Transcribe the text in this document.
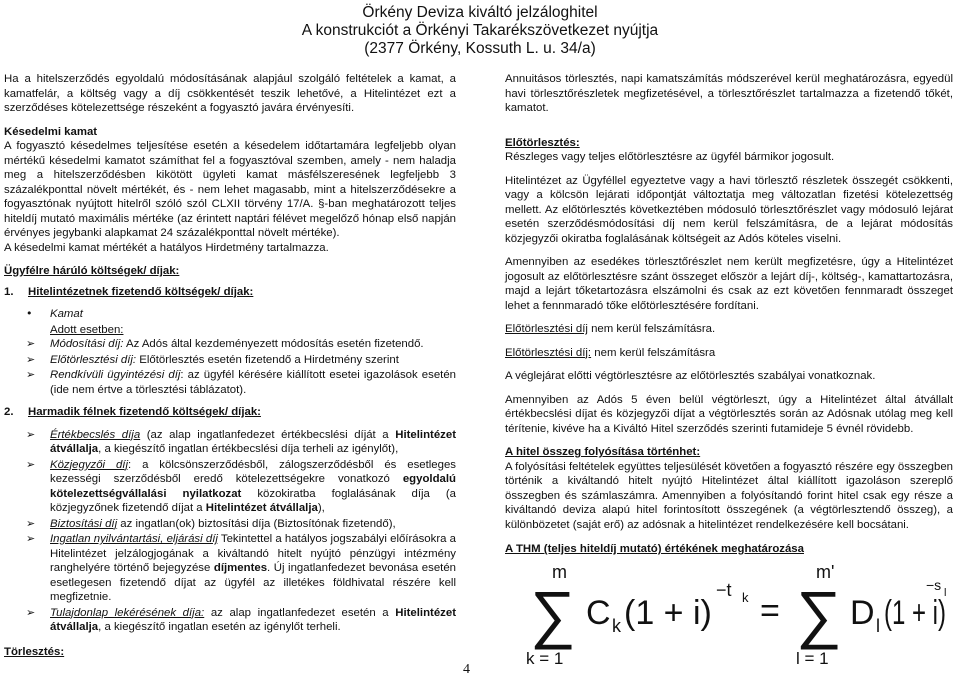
Örkény Deviza kiváltó jelzáloghitel
A konstrukciót a Örkényi Takarékszövetkezet nyújtja
(2377 Örkény, Kossuth L. u. 34/a)

Ha a hitelszerződés egyoldalú módosításának alapjául szolgáló feltételek a kamat, a kamatfelár, a költség vagy a díj csökkentését teszik lehetővé, a Hitelintézet ezt a szerződéses kötelezettsége részeként a fogyasztó javára érvényesíti.

Késedelmi kamat
A fogyasztó késedelmes teljesítése esetén a késedelem időtartamára legfeljebb olyan mértékű késedelmi kamatot számíthat fel a fogyasztóval szemben, amely - nem haladja meg a hitelszerződésben kikötött ügyleti kamat másfélszeresének legfeljebb 3 százalékponttal növelt mértékét, és - nem lehet magasabb, mint a hitelszerződésekre a fogyasztónak nyújtott hitelről szóló szól CLXII törvény 17/A. §-ban meghatározott teljes hiteldíj mutató maximális mértéke (az érintett naptári félévet megelőző hónap első napján érvényes jegybanki alapkamat 24 százalékponttal növelt mértéke).

A késedelmi kamat mértékét a hatályos Hirdetmény tartalmazza.

Ügyfélre hárúló költségek/ díjak:
1.	Hitelintézetnek fizetendő költségek/ díjak:
• Kamat
Adott esetben:
➢ Módosítási díj: Az Adós által kezdeményezett módosítás esetén fizetendő.
➢ Előtörlesztési díj: Előtörlesztés esetén fizetendő a Hirdetmény szerint
➢ Rendkívüli ügyintézési díj: az ügyfél kérésére kiállított esetei igazolások esetén (ide nem értve a törlesztési táblázatot).
2.	Harmadik félnek fizetendő költségek/ díjak:
➢ Értékbecslés díja (az alap ingatlanfedezet értékbecslési díját a Hitelintézet átvállalja, a kiegészítő ingatlan értékbecslési díja terheli az igénylőt),
➢ Közjegyzői díj: a kölcsönszerződésből, zálogszerződésből és esetleges kezességi szerződésből eredő kötelezettségekre vonatkozó egyoldalú kötelezettségvállalási nyilatkozat közokiratba foglalásának díja (a közjegyzőnek fizetendő díjat a Hitelintézet átvállalja),
➢ Biztosítási díj az ingatlan(ok) biztosítási díja (Biztosítónak fizetendő),
➢ Ingatlan nyilvántartási, eljárási díj Tekintettel a hatályos jogszabályi előírásokra a Hitelintézet jelzálogjogának a kiváltandó hitelt nyújtó pénzügyi intézmény ranghelyére történő bejegyzése díjmentes. Új ingatlanfedezet bevonása esetén esetlegesen fizetendő díjat az ügyfél az illetékes földhivatal részére kell megfizetnie.
➢ Tulajdonlap lekérésének díja: az alap ingatlanfedezet esetén a Hitelintézet átvállalja, a kiegészítő ingatlan esetén az igénylőt terheli.
Törlesztés:

Annuitásos törlesztés, napi kamatszámítás módszerével kerül meghatározásra, egyedül havi törlesztőrészletek megfizetésével, a törlesztőrészlet tartalmazza a fizetendő tőkét, kamatot.

Előtörlesztés:

Részleges vagy teljes előtörlesztésre az ügyfél bármikor jogosult.

Hitelintézet az Ügyféllel egyeztetve vagy a havi törlesztő részletek összegét csökkenti, vagy a kölcsön lejárati időpontját változtatja meg változatlan fizetési kötelezettség mellett. Az előtörlesztés következtében módosuló törlesztőrészlet vagy módosuló lejárat esetén szerződésmódosítási díj nem kerül felszámításra, de a lejárat módosítás közjegyzői okiratba foglalásának költségeit az Adós köteles viselni.

Amennyiben az esedékes törlesztőrészlet nem került megfizetésre, úgy a Hitelintézet jogosult az előtörlesztésre szánt összeget először a lejárt díj-, költség-, kamattartozásra, majd a lejárt tőketartozásra elszámolni és csak az ezt követően fennmaradt összeget lehet a fennmaradó tőke előtörlesztésére fordítani.

Előtörlesztési díj nem kerül felszámításra.

Előtörlesztési díj: nem kerül felszámításra

A véglejárat előtti végtörlesztésre az előtörlesztés szabályai vonatkoznak.

Amennyiben az Adós 5 éven belül végtörleszt, úgy a Hitelintézet által átvállalt értékbecslési díjat és közjegyzői díjat a végtörlesztés során az Adósnak utólag meg kell térítenie, kivéve ha a Kiváltó Hitel szerződés szerinti futamideje 5 évnél rövidebb.

A hitel összeg folyósítása történhet:

A folyósítási feltételek együttes teljesülését követően a fogyasztó részére egy összegben történik a kiváltandó hitelt nyújtó Hitelintézet által kiállított igazoláson szereplő összegben és számlaszámra. Amennyiben a folyósítandó forint hitel csak egy része a kiváltandó deviza alapú hitel forintosított összegének (a végtörlesztendő összeg), a különbözetet (saját erő) az adósnak a hitelintézet rendelkezésére kell bocsátani.

A THM (teljes hiteldíj mutató) értékének meghatározása
m
∑
k = 1
C k (1 + i)
−t k =
m'
∑
l = 1
D l (1 + i)
−s l
4
